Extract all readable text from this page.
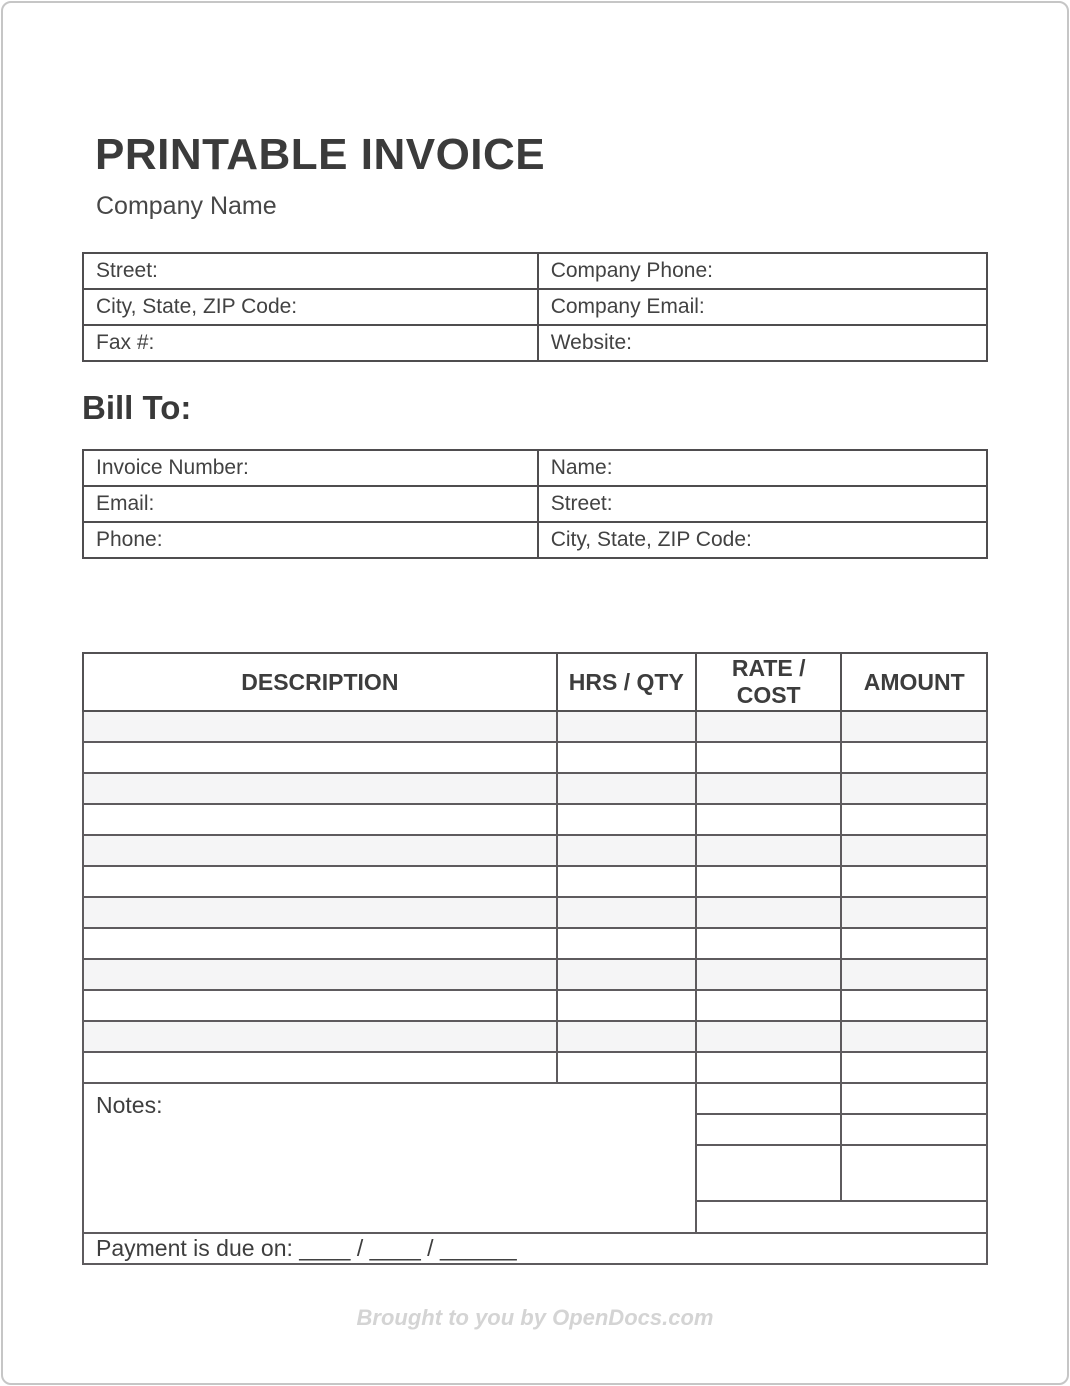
PRINTABLE INVOICE
Company Name
Street:	Company Phone:
City, State, ZIP Code:	Company Email:
Fax #:	Website:
Bill To:
Invoice Number:	Name:
Email:	Street:
Phone:	City, State, ZIP Code:
DESCRIPTION	HRS / QTY	RATE / COST	AMOUNT

Notes:		SUBTOTAL	
		DISCOUNT	
		SALES TAX (%)	
		TOTAL	
Payment is due on: ____ / ____ / ______			
Brought to you by OpenDocs.com
